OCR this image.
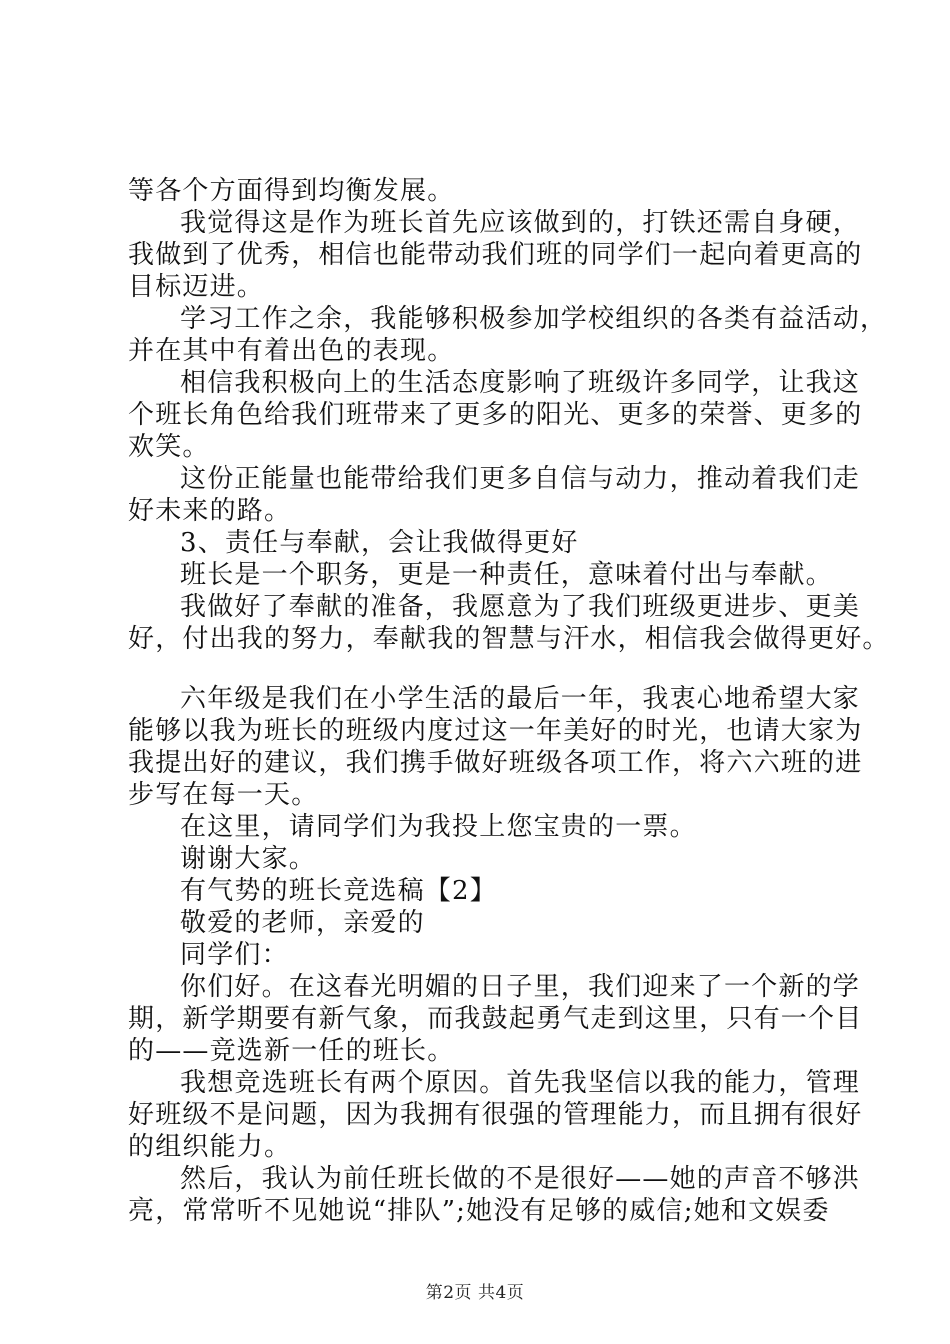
等各个方面得到均衡发展。
我觉得这是作为班长首先应该做到的，打铁还需自身硬，
我做到了优秀，相信也能带动我们班的同学们一起向着更高的
目标迈进。
学习工作之余，我能够积极参加学校组织的各类有益活动，
并在其中有着出色的表现。
相信我积极向上的生活态度影响了班级许多同学，让我这
个班长角色给我们班带来了更多的阳光、更多的荣誉、更多的
欢笑。
这份正能量也能带给我们更多自信与动力，推动着我们走
好未来的路。
3、责任与奉献，会让我做得更好
班长是一个职务，更是一种责任，意味着付出与奉献。
我做好了奉献的准备，我愿意为了我们班级更进步、更美
好，付出我的努力，奉献我的智慧与汗水，相信我会做得更好。
六年级是我们在小学生活的最后一年，我衷心地希望大家
能够以我为班长的班级内度过这一年美好的时光，也请大家为
我提出好的建议，我们携手做好班级各项工作，将六六班的进
步写在每一天。
在这里，请同学们为我投上您宝贵的一票。
谢谢大家。
有气势的班长竞选稿【2】
敬爱的老师，亲爱的
同学们：
你们好。在这春光明媚的日子里，我们迎来了一个新的学
期，新学期要有新气象，而我鼓起勇气走到这里，只有一个目
的——竞选新一任的班长。
我想竞选班长有两个原因。首先我坚信以我的能力，管理
好班级不是问题，因为我拥有很强的管理能力，而且拥有很好
的组织能力。
然后，我认为前任班长做的不是很好——她的声音不够洪
亮，常常听不见她说“排队”;她没有足够的威信;她和文娱委
第2页 共4页
